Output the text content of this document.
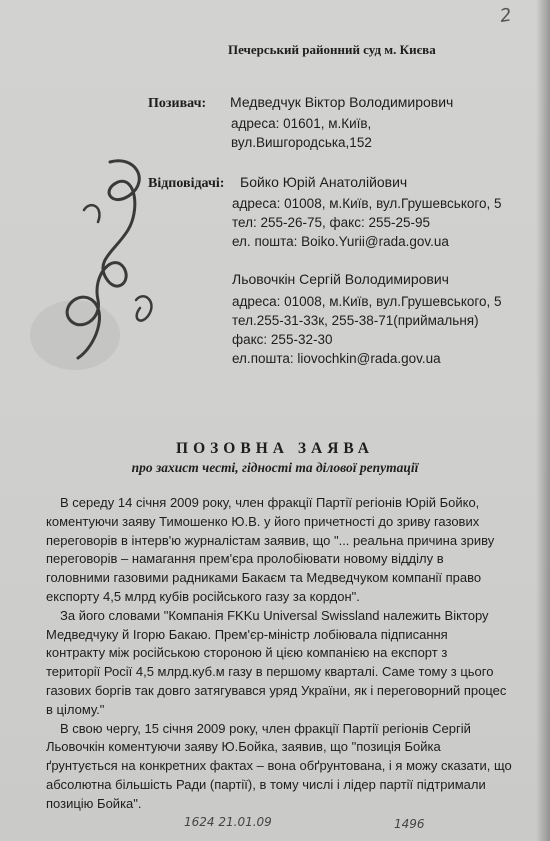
2
Печерський районний суд м. Києва
Позивач:	Медведчук Віктор Володимирович
адреса: 01601, м.Київ,
вул.Вишгородська,152
Відповідачі: Бойко Юрій Анатолійович
адреса: 01008, м.Київ, вул.Грушевського, 5
тел: 255-26-75, факс: 255-25-95
ел. пошта: Boiko.Yurii@rada.gov.ua
Льовочкін Сергій Володимирович
адреса: 01008, м.Київ, вул.Грушевського, 5
тел.255-31-33к, 255-38-71(приймальня)
факс: 255-32-30
ел.пошта: liovochkin@rada.gov.ua
ПОЗОВНА ЗАЯВА
про захист честі, гідності та ділової репутації
В середу 14 січня 2009 року, член фракції Партії регіонів Юрій Бойко,
коментуючи заяву Тимошенко Ю.В. у його причетності до зриву газових
переговорів в інтерв'ю журналістам заявив, що "... реальна причина зриву
переговорів – намагання прем'єра пролобіювати новому відділу в
головними газовими радниками Бакаєм та Медведчуком компанії право
експорту 4,5 млрд кубів російського газу за кордон".
За його словами "Компанія FKKu Universal Swissland належить Віктору
Медведчуку й Ігорю Бакаю. Прем'єр-міністр лобіювала підписання
контракту між російською стороною й цією компанією на експорт з
території Росії 4,5 млрд.куб.м газу в першому кварталі. Саме тому з цього
газових боргів так довго затягувався уряд України, як і переговорний процес
в цілому."
В свою чергу, 15 січня 2009 року, член фракції Партії регіонів Сергій
Льовочкін коментуючи заяву Ю.Бойка, заявив, що "позиція Бойка
ґрунтується на конкретних фактах – вона обґрунтована, і я можу сказати, що
абсолютна більшість Ради (партії), в тому числі і лідер партії підтримали
позицію Бойка".
1624 21.01.09	1496
